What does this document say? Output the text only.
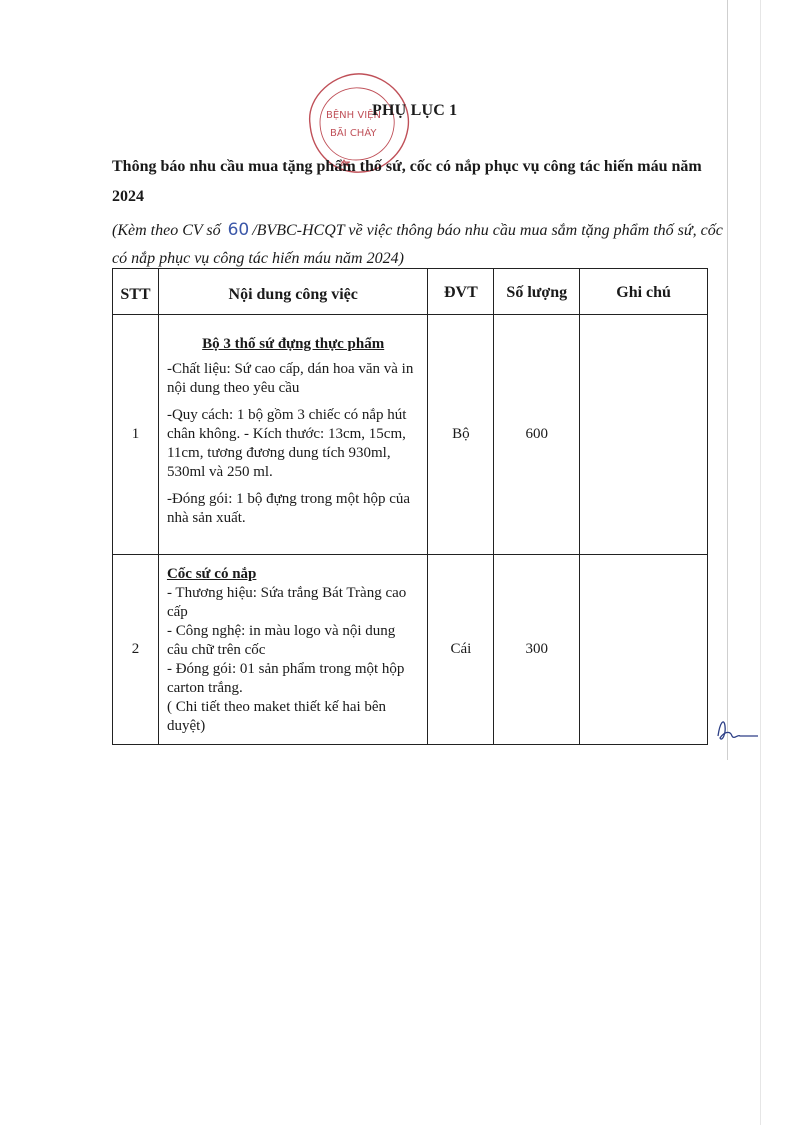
BỆNH VIỆN
BÃI CHÁY
PHỤ LỤC 1
Thông báo nhu cầu mua tặng phẩm thố sứ, cốc có nắp phục vụ công tác hiến máu năm 2024
(Kèm theo CV số 60 /BVBC-HCQT về việc thông báo nhu cầu mua sắm tặng phẩm thố sứ, cốc có nắp phục vụ công tác hiến máu năm 2024)
STT	Nội dung công việc	ĐVT	Số lượng	Ghi chú
1	Bộ 3 thố sứ đựng thực phẩm
-Chất liệu: Sứ cao cấp, dán hoa văn và in nội dung theo yêu cầu
-Quy cách: 1 bộ gồm 3 chiếc có nắp hút chân không. - Kích thước: 13cm, 15cm, 11cm, tương đương dung tích 930ml, 530ml và 250 ml.
-Đóng gói: 1 bộ đựng trong một hộp của nhà sản xuất.	Bộ	600	
2	Cốc sứ có nắp
- Thương hiệu: Sứa trắng Bát Tràng cao cấp
- Công nghệ: in màu logo và nội dung câu chữ trên cốc
- Đóng gói: 01 sản phẩm trong một hộp carton trắng.
( Chi tiết theo maket thiết kế hai bên duyệt)	Cái	300	
